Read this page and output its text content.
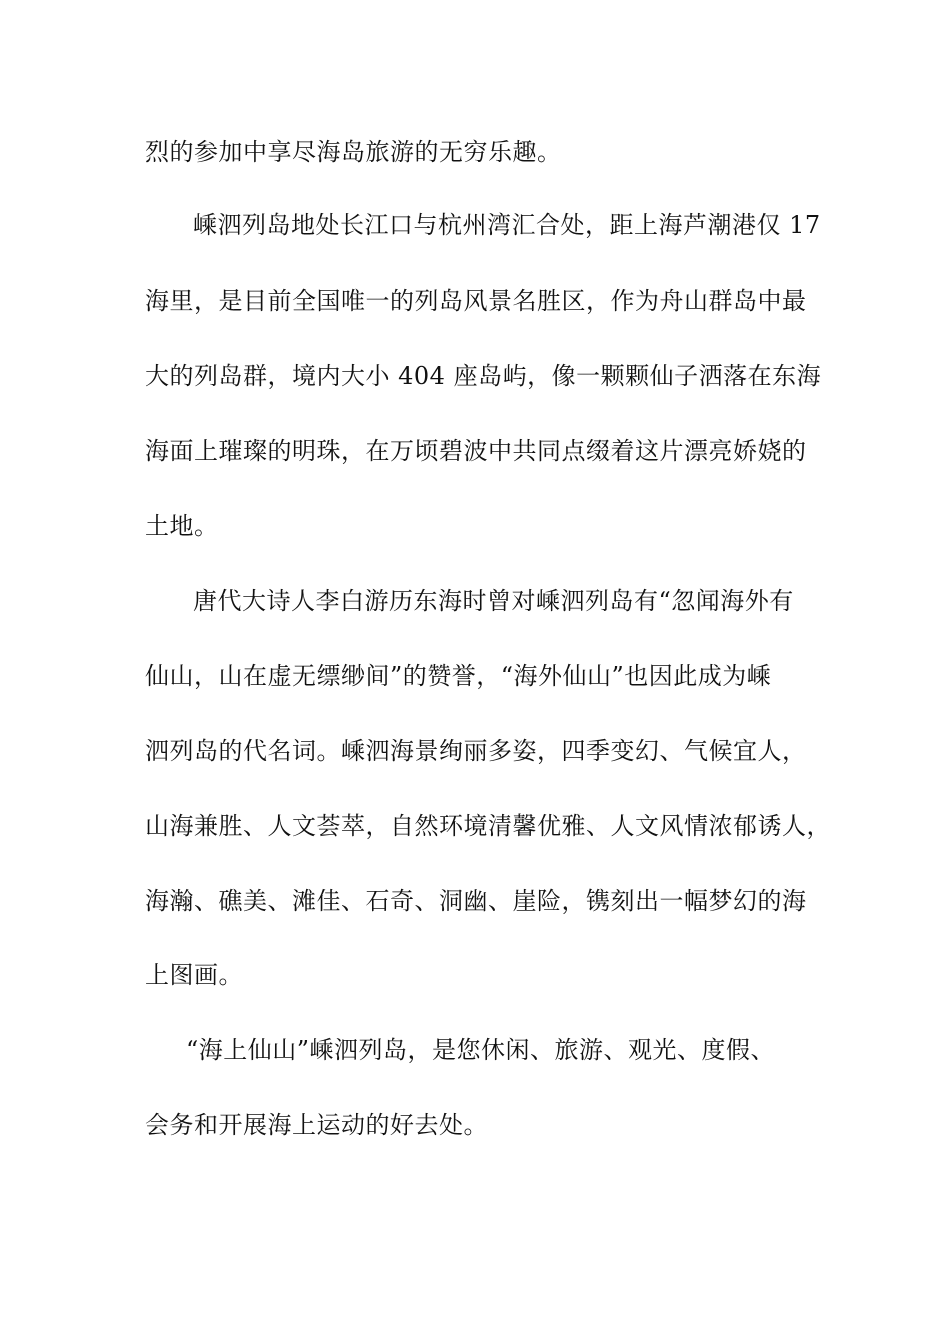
烈的参加中享尽海岛旅游的无穷乐趣。
嵊泗列岛地处长江口与杭州湾汇合处，距上海芦潮港仅 17
海里，是目前全国唯一的列岛风景名胜区，作为舟山群岛中最
大的列岛群，境内大小 404 座岛屿，像一颗颗仙子洒落在东海
海面上璀璨的明珠，在万顷碧波中共同点缀着这片漂亮娇娆的
土地。
唐代大诗人李白游历东海时曾对嵊泗列岛有“忽闻海外有
仙山，山在虚无缥缈间”的赞誉，“海外仙山”也因此成为嵊
泗列岛的代名词。嵊泗海景绚丽多姿，四季变幻、气候宜人，
山海兼胜、人文荟萃，自然环境清馨优雅、人文风情浓郁诱人，
海瀚、礁美、滩佳、石奇、洞幽、崖险，镌刻出一幅梦幻的海
上图画。
“海上仙山”嵊泗列岛，是您休闲、旅游、观光、度假、
会务和开展海上运动的好去处。
